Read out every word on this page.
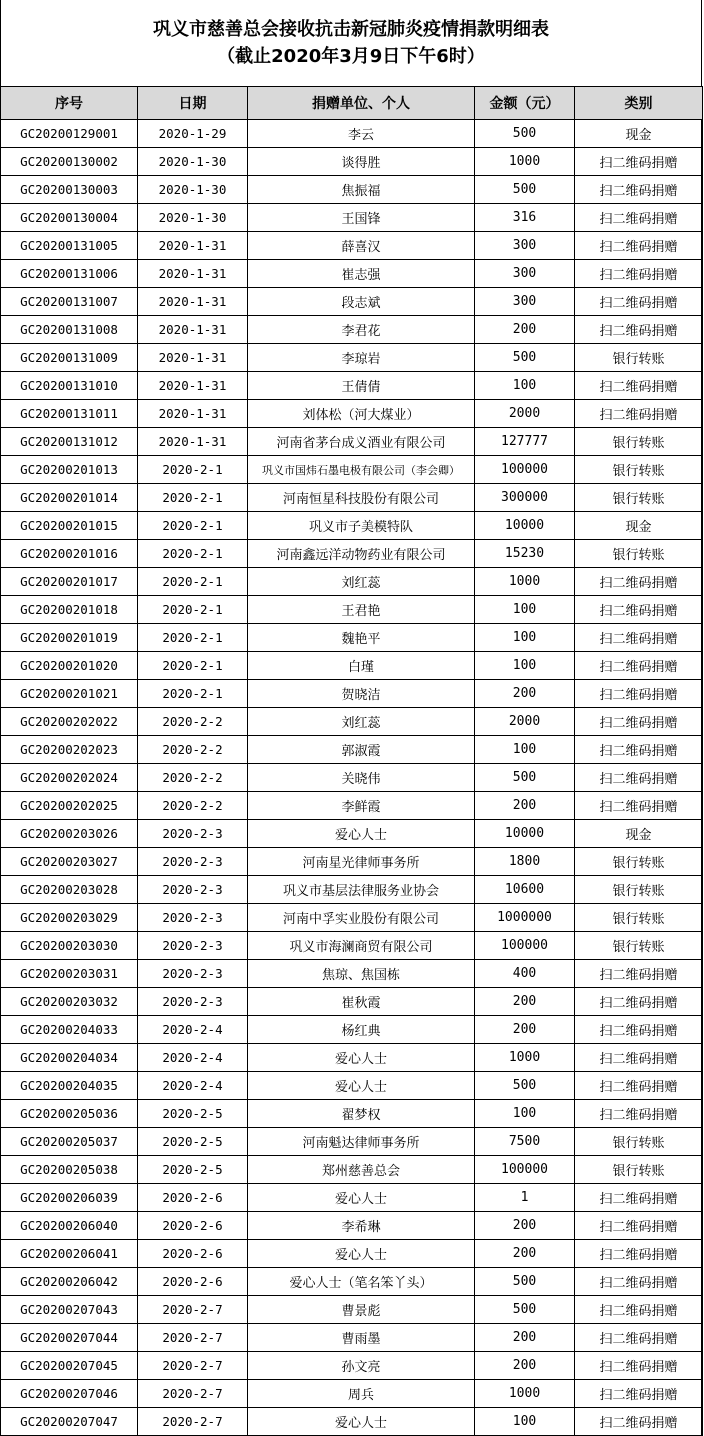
巩义市慈善总会接收抗击新冠肺炎疫情捐款明细表
（截止2020年3月9日下午6时）
序号	日期	捐赠单位、个人	金额（元）	类别
GC20200129001	2020-1-29	李云	500	现金
GC20200130002	2020-1-30	谈得胜	1000	扫二维码捐赠
GC20200130003	2020-1-30	焦振福	500	扫二维码捐赠
GC20200130004	2020-1-30	王国锋	316	扫二维码捐赠
GC20200131005	2020-1-31	薛喜汉	300	扫二维码捐赠
GC20200131006	2020-1-31	崔志强	300	扫二维码捐赠
GC20200131007	2020-1-31	段志斌	300	扫二维码捐赠
GC20200131008	2020-1-31	李君花	200	扫二维码捐赠
GC20200131009	2020-1-31	李琼岩	500	银行转账
GC20200131010	2020-1-31	王倩倩	100	扫二维码捐赠
GC20200131011	2020-1-31	刘体松（河大煤业）	2000	扫二维码捐赠
GC20200131012	2020-1-31	河南省茅台成义酒业有限公司	127777	银行转账
GC20200201013	2020-2-1	巩义市国炜石墨电极有限公司（李会卿）	100000	银行转账
GC20200201014	2020-2-1	河南恒星科技股份有限公司	300000	银行转账
GC20200201015	2020-2-1	巩义市子美模特队	10000	现金
GC20200201016	2020-2-1	河南鑫远洋动物药业有限公司	15230	银行转账
GC20200201017	2020-2-1	刘红蕊	1000	扫二维码捐赠
GC20200201018	2020-2-1	王君艳	100	扫二维码捐赠
GC20200201019	2020-2-1	魏艳平	100	扫二维码捐赠
GC20200201020	2020-2-1	白瑾	100	扫二维码捐赠
GC20200201021	2020-2-1	贺晓洁	200	扫二维码捐赠
GC20200202022	2020-2-2	刘红蕊	2000	扫二维码捐赠
GC20200202023	2020-2-2	郭淑霞	100	扫二维码捐赠
GC20200202024	2020-2-2	关晓伟	500	扫二维码捐赠
GC20200202025	2020-2-2	李鲜霞	200	扫二维码捐赠
GC20200203026	2020-2-3	爱心人士	10000	现金
GC20200203027	2020-2-3	河南星光律师事务所	1800	银行转账
GC20200203028	2020-2-3	巩义市基层法律服务业协会	10600	银行转账
GC20200203029	2020-2-3	河南中孚实业股份有限公司	1000000	银行转账
GC20200203030	2020-2-3	巩义市海澜商贸有限公司	100000	银行转账
GC20200203031	2020-2-3	焦琼、焦国栋	400	扫二维码捐赠
GC20200203032	2020-2-3	崔秋霞	200	扫二维码捐赠
GC20200204033	2020-2-4	杨红典	200	扫二维码捐赠
GC20200204034	2020-2-4	爱心人士	1000	扫二维码捐赠
GC20200204035	2020-2-4	爱心人士	500	扫二维码捐赠
GC20200205036	2020-2-5	翟梦权	100	扫二维码捐赠
GC20200205037	2020-2-5	河南魁达律师事务所	7500	银行转账
GC20200205038	2020-2-5	郑州慈善总会	100000	银行转账
GC20200206039	2020-2-6	爱心人士	1	扫二维码捐赠
GC20200206040	2020-2-6	李希琳	200	扫二维码捐赠
GC20200206041	2020-2-6	爱心人士	200	扫二维码捐赠
GC20200206042	2020-2-6	爱心人士（笔名笨丫头）	500	扫二维码捐赠
GC20200207043	2020-2-7	曹景彪	500	扫二维码捐赠
GC20200207044	2020-2-7	曹雨墨	200	扫二维码捐赠
GC20200207045	2020-2-7	孙文亮	200	扫二维码捐赠
GC20200207046	2020-2-7	周兵	1000	扫二维码捐赠
GC20200207047	2020-2-7	爱心人士	100	扫二维码捐赠
